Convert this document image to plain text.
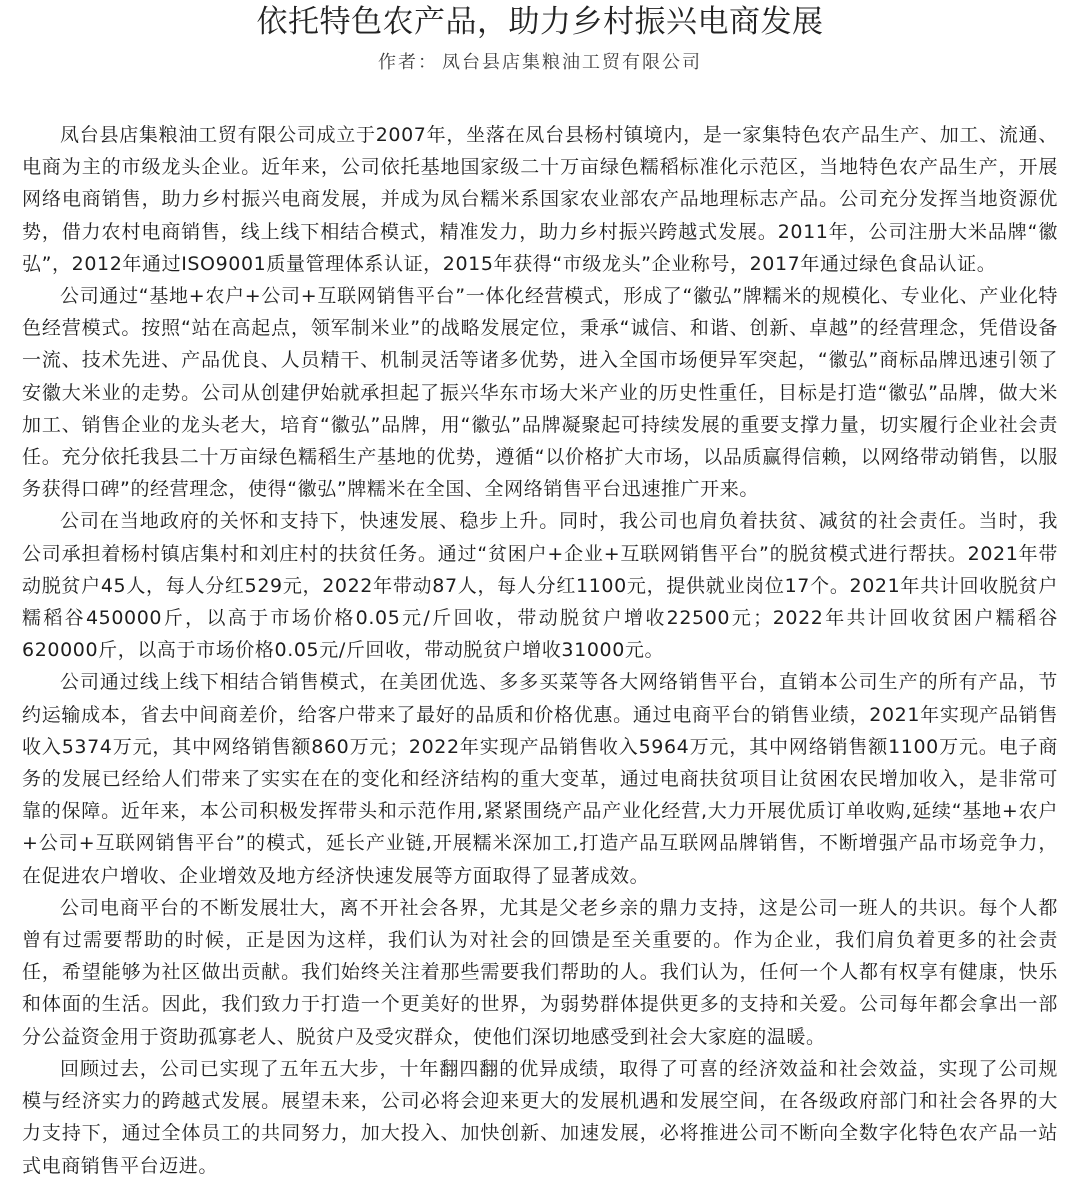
依托特色农产品，助力乡村振兴电商发展
作者： 凤台县店集粮油工贸有限公司

凤台县店集粮油工贸有限公司成立于2007年，坐落在凤台县杨村镇境内，是一家集特色农产品生产、加工、流通、电商为主的市级龙头企业。近年来，公司依托基地国家级二十万亩绿色糯稻标准化示范区，当地特色农产品生产，开展网络电商销售，助力乡村振兴电商发展，并成为凤台糯米系国家农业部农产品地理标志产品。公司充分发挥当地资源优势，借力农村电商销售，线上线下相结合模式，精准发力，助力乡村振兴跨越式发展。2011年，公司注册大米品牌“徽弘”，2012年通过ISO9001质量管理体系认证，2015年获得“市级龙头”企业称号，2017年通过绿色食品认证。

公司通过“基地+农户+公司+互联网销售平台”一体化经营模式，形成了“徽弘”牌糯米的规模化、专业化、产业化特色经营模式。按照“站在高起点，领军制米业”的战略发展定位，秉承“诚信、和谐、创新、卓越”的经营理念，凭借设备一流、技术先进、产品优良、人员精干、机制灵活等诸多优势，进入全国市场便异军突起，“徽弘”商标品牌迅速引领了安徽大米业的走势。公司从创建伊始就承担起了振兴华东市场大米产业的历史性重任，目标是打造“徽弘”品牌，做大米加工、销售企业的龙头老大，培育“徽弘”品牌，用“徽弘”品牌凝聚起可持续发展的重要支撑力量，切实履行企业社会责任。充分依托我县二十万亩绿色糯稻生产基地的优势，遵循“以价格扩大市场，以品质赢得信赖，以网络带动销售，以服务获得口碑”的经营理念，使得“徽弘”牌糯米在全国、全网络销售平台迅速推广开来。

公司在当地政府的关怀和支持下，快速发展、稳步上升。同时，我公司也肩负着扶贫、减贫的社会责任。当时，我公司承担着杨村镇店集村和刘庄村的扶贫任务。通过“贫困户+企业+互联网销售平台”的脱贫模式进行帮扶。2021年带动脱贫户45人，每人分红529元，2022年带动87人，每人分红1100元，提供就业岗位17个。2021年共计回收脱贫户糯稻谷450000斤，以高于市场价格0.05元/斤回收，带动脱贫户增收22500元；2022年共计回收贫困户糯稻谷620000斤，以高于市场价格0.05元/斤回收，带动脱贫户增收31000元。

公司通过线上线下相结合销售模式，在美团优选、多多买菜等各大网络销售平台，直销本公司生产的所有产品，节约运输成本，省去中间商差价，给客户带来了最好的品质和价格优惠。通过电商平台的销售业绩，2021年实现产品销售收入5374万元，其中网络销售额860万元；2022年实现产品销售收入5964万元，其中网络销售额1100万元。电子商务的发展已经给人们带来了实实在在的变化和经济结构的重大变革，通过电商扶贫项目让贫困农民增加收入，是非常可靠的保障。近年来，本公司积极发挥带头和示范作用,紧紧围绕产品产业化经营,大力开展优质订单收购,延续“基地+农户+公司+互联网销售平台”的模式，延长产业链,开展糯米深加工,打造产品互联网品牌销售，不断增强产品市场竞争力，在促进农户增收、企业增效及地方经济快速发展等方面取得了显著成效。

公司电商平台的不断发展壮大，离不开社会各界，尤其是父老乡亲的鼎力支持，这是公司一班人的共识。每个人都曾有过需要帮助的时候，正是因为这样，我们认为对社会的回馈是至关重要的。作为企业，我们肩负着更多的社会责任，希望能够为社区做出贡献。我们始终关注着那些需要我们帮助的人。我们认为，任何一个人都有权享有健康，快乐和体面的生活。因此，我们致力于打造一个更美好的世界，为弱势群体提供更多的支持和关爱。公司每年都会拿出一部分公益资金用于资助孤寡老人、脱贫户及受灾群众，使他们深切地感受到社会大家庭的温暖。

回顾过去，公司已实现了五年五大步，十年翻四翻的优异成绩，取得了可喜的经济效益和社会效益，实现了公司规模与经济实力的跨越式发展。展望未来，公司必将会迎来更大的发展机遇和发展空间，在各级政府部门和社会各界的大力支持下，通过全体员工的共同努力，加大投入、加快创新、加速发展，必将推进公司不断向全数字化特色农产品一站式电商销售平台迈进。
